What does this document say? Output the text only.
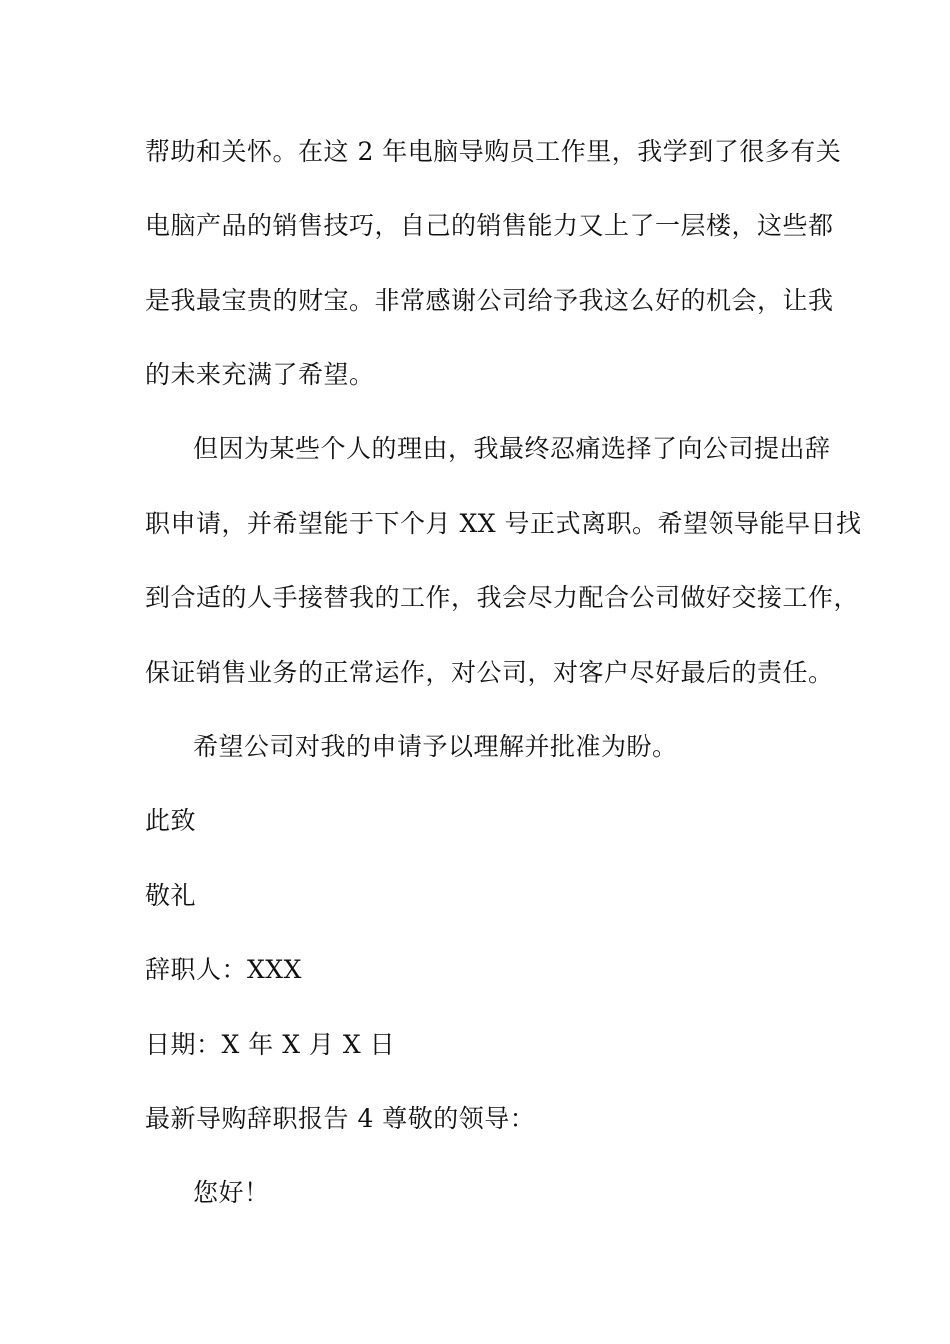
帮助和关怀。在这 2 年电脑导购员工作里，我学到了很多有关
电脑产品的销售技巧，自己的销售能力又上了一层楼，这些都
是我最宝贵的财宝。非常感谢公司给予我这么好的机会，让我
的未来充满了希望。
但因为某些个人的理由，我最终忍痛选择了向公司提出辞
职申请，并希望能于下个月 XX 号正式离职。希望领导能早日找
到合适的人手接替我的工作，我会尽力配合公司做好交接工作，
保证销售业务的正常运作，对公司，对客户尽好最后的责任。
希望公司对我的申请予以理解并批准为盼。
此致
敬礼
辞职人：XXX
日期：X 年 X 月 X 日
最新导购辞职报告 4 尊敬的领导：
您好！
